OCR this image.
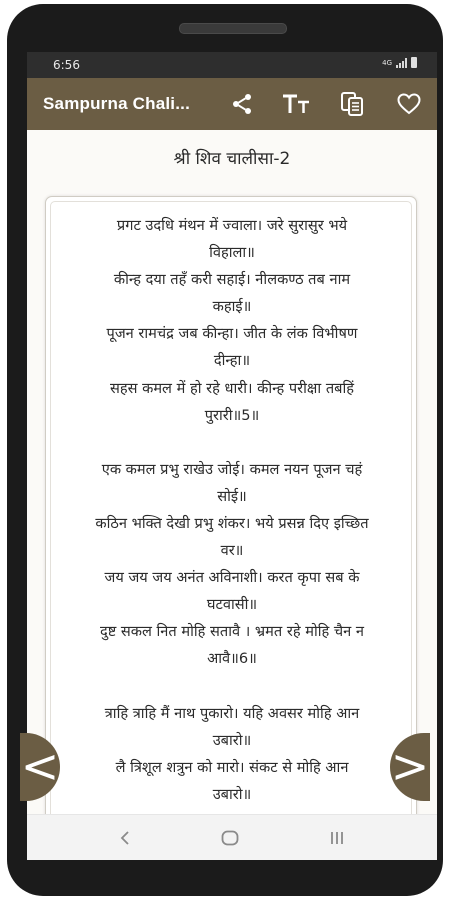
6:56	4G
Sampurna Chali...
श्री शिव चालीसा-2
प्रगट उदधि मंथन में ज्वाला। जरे सुरासुर भये
विहाला॥
कीन्ह दया तहँ करी सहाई। नीलकण्ठ तब नाम
कहाई॥
पूजन रामचंद्र जब कीन्हा। जीत के लंक विभीषण
दीन्हा॥
सहस कमल में हो रहे धारी। कीन्ह परीक्षा तबहिं
पुरारी॥5॥
एक कमल प्रभु राखेउ जोई। कमल नयन पूजन चहं
सोई॥
कठिन भक्ति देखी प्रभु शंकर। भये प्रसन्न दिए इच्छित
वर॥
जय जय जय अनंत अविनाशी। करत कृपा सब के
घटवासी॥
दुष्ट सकल नित मोहि सतावै । भ्रमत रहे मोहि चैन न
आवै॥6॥
त्राहि त्राहि मैं नाथ पुकारो। यहि अवसर मोहि आन
उबारो॥
लै त्रिशूल शत्रुन को मारो। संकट से मोहि आन
उबारो॥
<	>
